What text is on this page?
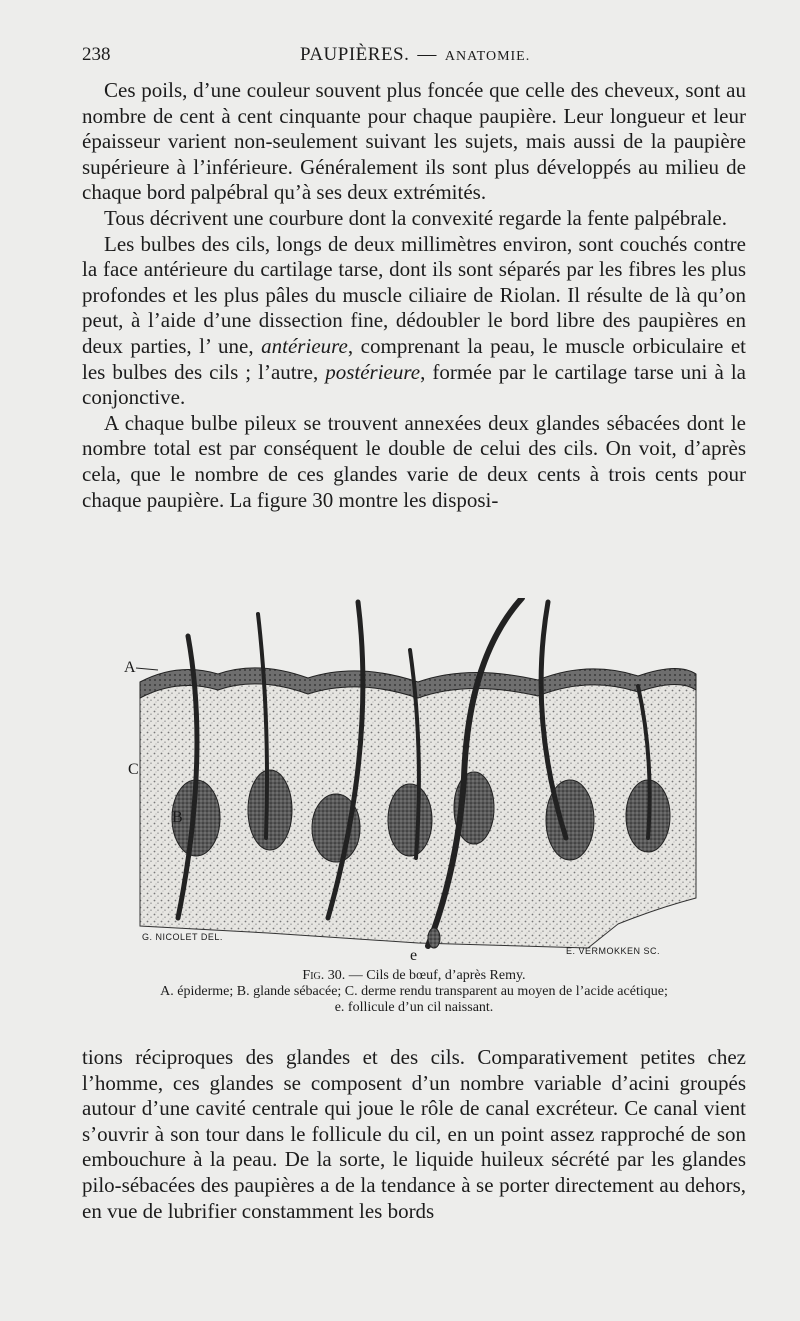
238	PAUPIÈRES. — ANATOMIE.

Ces poils, d’une couleur souvent plus foncée que celle des cheveux, sont au nombre de cent à cent cinquante pour chaque paupière. Leur longueur et leur épaisseur varient non-seulement suivant les sujets, mais aussi de la paupière supérieure à l’inférieure. Généralement ils sont plus développés au milieu de chaque bord palpébral qu’à ses deux extrémités.

Tous décrivent une courbure dont la convexité regarde la fente palpébrale.

Les bulbes des cils, longs de deux millimètres environ, sont couchés contre la face antérieure du cartilage tarse, dont ils sont séparés par les fibres les plus profondes et les plus pâles du muscle ciliaire de Riolan. Il résulte de là qu’on peut, à l’aide d’une dissection fine, dédoubler le bord libre des paupières en deux parties, l’ une, antérieure, comprenant la peau, le muscle orbiculaire et les bulbes des cils ; l’autre, postérieure, formée par le cartilage tarse uni à la conjonctive.

A chaque bulbe pileux se trouvent annexées deux glandes sébacées dont le nombre total est par conséquent le double de celui des cils. On voit, d’après cela, que le nombre de ces glandes varie de deux cents à trois cents pour chaque paupière. La figure 30 montre les disposi-

A
C
B
e
G. NICOLET DEL.
E. VERMOKKEN SC.
Fig. 30. — Cils de bœuf, d’après Remy.
A. épiderme; B. glande sébacée; C. derme rendu transparent au moyen de l’acide acétique;
e. follicule d’un cil naissant.

tions réciproques des glandes et des cils. Comparativement petites chez l’homme, ces glandes se composent d’un nombre variable d’acini groupés autour d’une cavité centrale qui joue le rôle de canal excréteur. Ce canal vient s’ouvrir à son tour dans le follicule du cil, en un point assez rapproché de son embouchure à la peau. De la sorte, le liquide huileux sécrété par les glandes pilo-sébacées des paupières a de la tendance à se porter directement au dehors, en vue de lubrifier constamment les bords
